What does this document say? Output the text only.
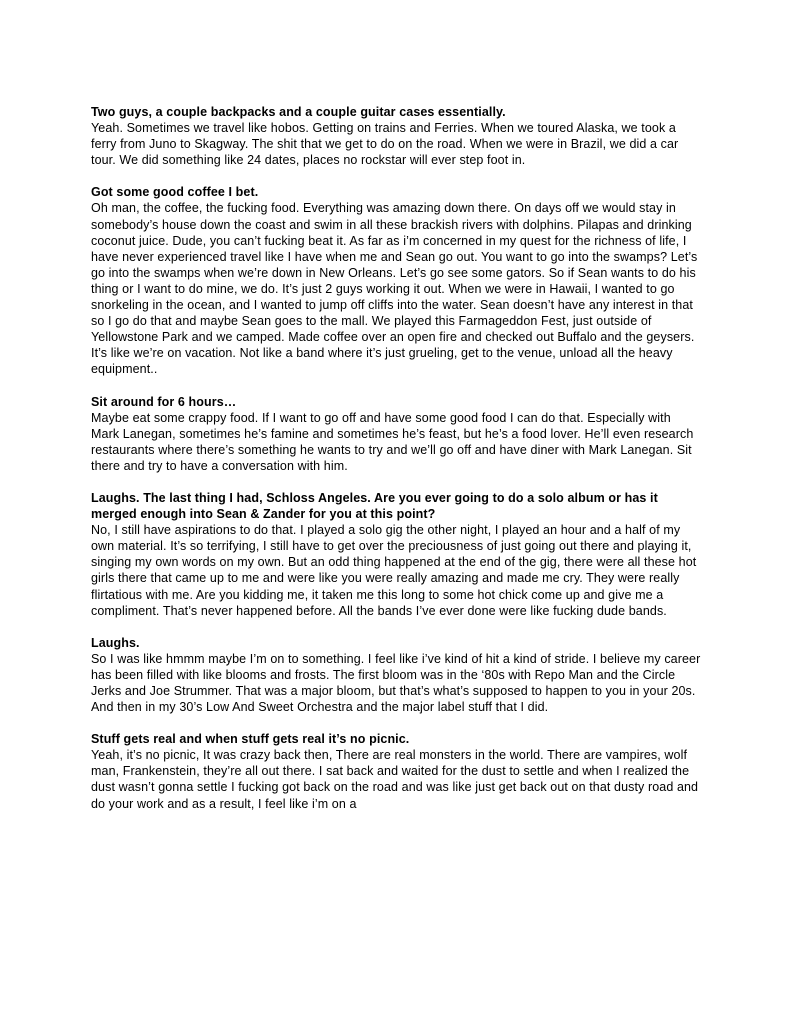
Two guys, a couple backpacks and a couple guitar cases essentially.

Yeah. Sometimes we travel like hobos. Getting on trains and Ferries. When we toured Alaska, we took a ferry from Juno to Skagway. The shit that we get to do on the road. When we were in Brazil, we did a car tour. We did something like 24 dates, places no rockstar will ever step foot in.

Got some good coffee I bet.

Oh man, the coffee, the fucking food. Everything was amazing down there. On days off we would stay in somebody’s house down the coast and swim in all these brackish rivers with dolphins. Pilapas and drinking coconut juice. Dude, you can’t fucking beat it. As far as i’m concerned in my quest for the richness of life, I have never experienced travel like I have when me and Sean go out. You want to go into the swamps? Let’s go into the swamps when we’re down in New Orleans. Let’s go see some gators. So if Sean wants to do his thing or I want to do mine, we do. It’s just 2 guys working it out. When we were in Hawaii, I wanted to go snorkeling in the ocean, and I wanted to jump off cliffs into the water. Sean doesn’t have any interest in that so I go do that and maybe Sean goes to the mall. We played this Farmageddon Fest, just outside of Yellowstone Park and we camped. Made coffee over an open fire and checked out Buffalo and the geysers. It’s like we’re on vacation. Not like a band where it’s just grueling, get to the venue, unload all the heavy equipment..

Sit around for 6 hours…

Maybe eat some crappy food. If I want to go off and have some good food I can do that. Especially with Mark Lanegan, sometimes he’s famine and sometimes he’s feast, but he’s a food lover. He’ll even research restaurants where there’s something he wants to try and we’ll go off and have diner with Mark Lanegan. Sit there and try to have a conversation with him.

Laughs. The last thing I had, Schloss Angeles. Are you ever going to do a solo album or has it merged enough into Sean & Zander for you at this point?

No, I still have aspirations to do that. I played a solo gig the other night, I played an hour and a half of my own material. It’s so terrifying, I still have to get over the preciousness of just going out there and playing it, singing my own words on my own. But an odd thing happened at the end of the gig, there were all these hot girls there that came up to me and were like you were really amazing and made me cry. They were really flirtatious with me. Are you kidding me, it taken me this long to some hot chick come up and give me a compliment. That’s never happened before. All the bands I’ve ever done were like fucking dude bands.

Laughs.

So I was like hmmm maybe I’m on to something. I feel like i’ve kind of hit a kind of stride. I believe my career has been filled with like blooms and frosts. The first bloom was in the ‘80s with Repo Man and the Circle Jerks and Joe Strummer. That was a major bloom, but that’s what’s supposed to happen to you in your 20s. And then in my 30’s Low And Sweet Orchestra and the major label stuff that I did.

Stuff gets real and when stuff gets real it’s no picnic.

Yeah, it’s no picnic, It was crazy back then, There are real monsters in the world. There are vampires, wolf man, Frankenstein, they’re all out there. I sat back and waited for the dust to settle and when I realized the dust wasn’t gonna settle I fucking got back on the road and was like just get back out on that dusty road and do your work and as a result, I feel like i’m on a
